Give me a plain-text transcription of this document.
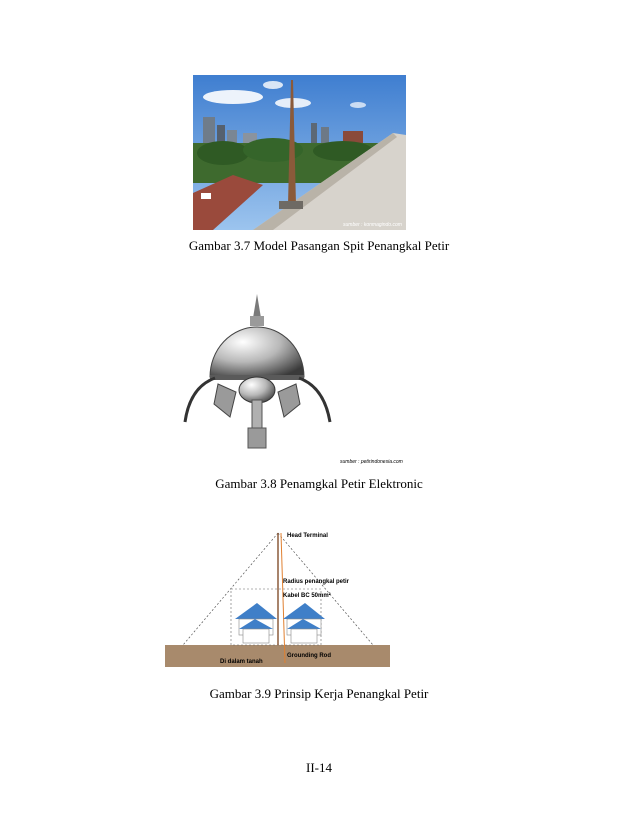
sumber : konmagindo.com
Gambar 3.7 Model Pasangan Spit Penangkal Petir
sumber : petirindonesia.com
Gambar 3.8 Penamgkal Petir Elektronic
Head Terminal
Radius penangkal petir
Kabel BC 50mm²
Di dalam tanah
Grounding Rod
Gambar 3.9 Prinsip Kerja Penangkal Petir
II-14
